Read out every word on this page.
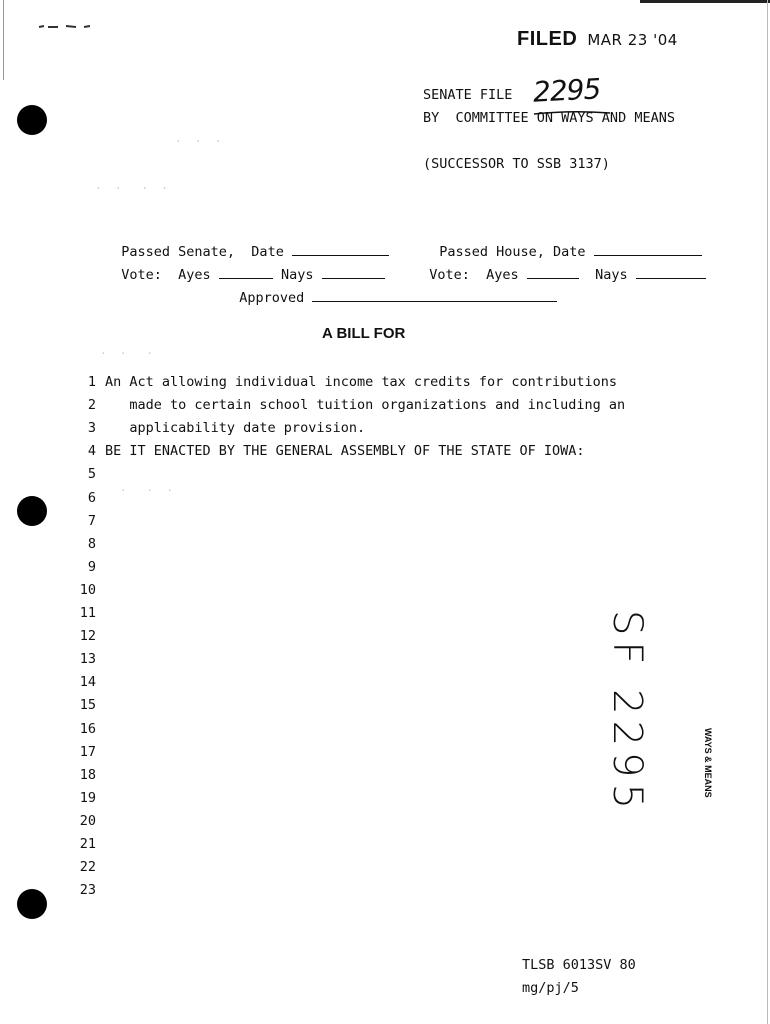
FILED MAR 23 '04
SENATE FILE 2295
BY  COMMITTEE ON WAYS AND MEANS
(SUCCESSOR TO SSB 3137)

Passed Senate,  Date	Passed House, Date

Vote:  Ayes	Nays	Vote:  Ayes	Nays

Approved

·  ·  ·
·  ·   ·  ·
·  ·   ·
·   ·  ·
A BILL FOR
1 An Act allowing individual income tax credits for contributions
2 made to certain school tuition organizations and including an
3 applicability date provision.
4 BE IT ENACTED BY THE GENERAL ASSEMBLY OF THE STATE OF IOWA:
5
6
7
8
9
10
11
12
13
14
15
16
17
18
19
20
21
22
23
SF 2295	WAYS & MEANS
TLSB 6013SV 80
mg/pj/5
